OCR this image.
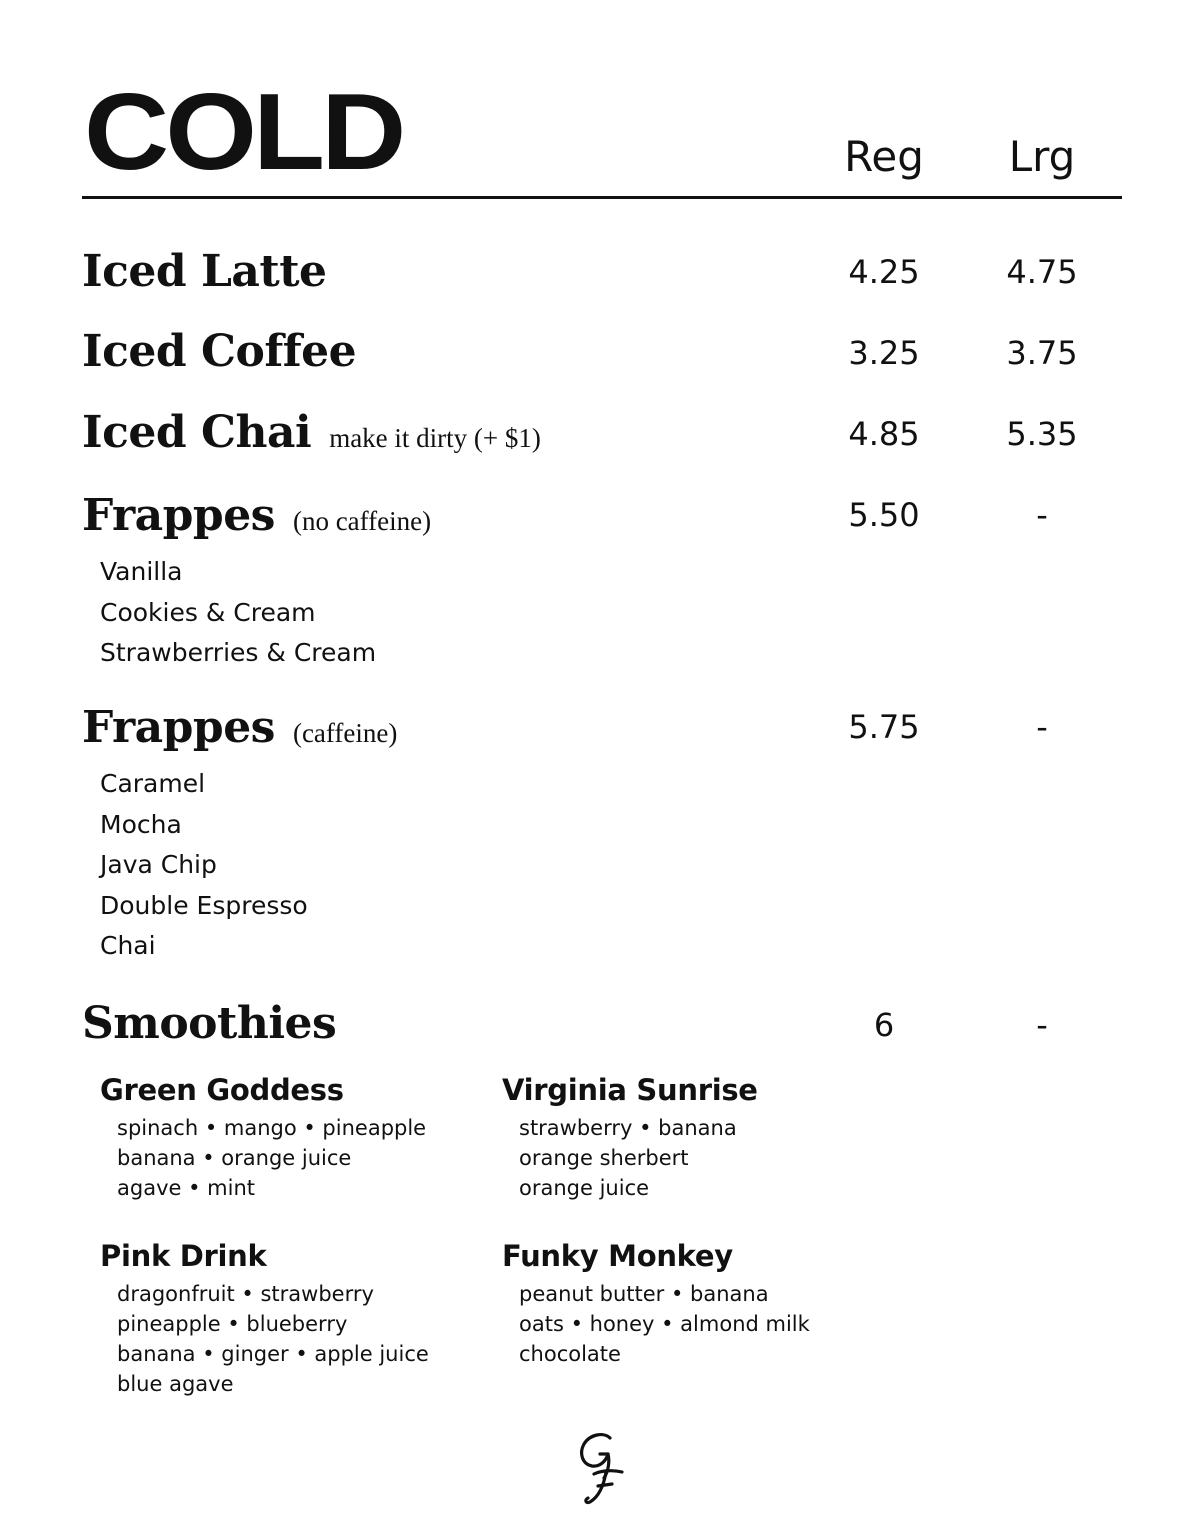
COLD	Reg	Lrg
Iced Latte	4.25	4.75
Iced Coffee	3.25	3.75
Iced Chai make it dirty (+ $1)	4.85	5.35
Frappes (no caffeine)	5.50	-
Vanilla
Cookies & Cream
Strawberries & Cream
Frappes (caffeine)	5.75	-
Caramel
Mocha
Java Chip
Double Espresso
Chai
Smoothies	6	-
Green Goddess
spinach • mango • pineapple
banana • orange juice
agave • mint
Virginia Sunrise
strawberry • banana
orange sherbert
orange juice
Pink Drink
dragonfruit • strawberry
pineapple • blueberry
banana • ginger • apple juice
blue agave
Funky Monkey
peanut butter • banana
oats • honey • almond milk
chocolate
